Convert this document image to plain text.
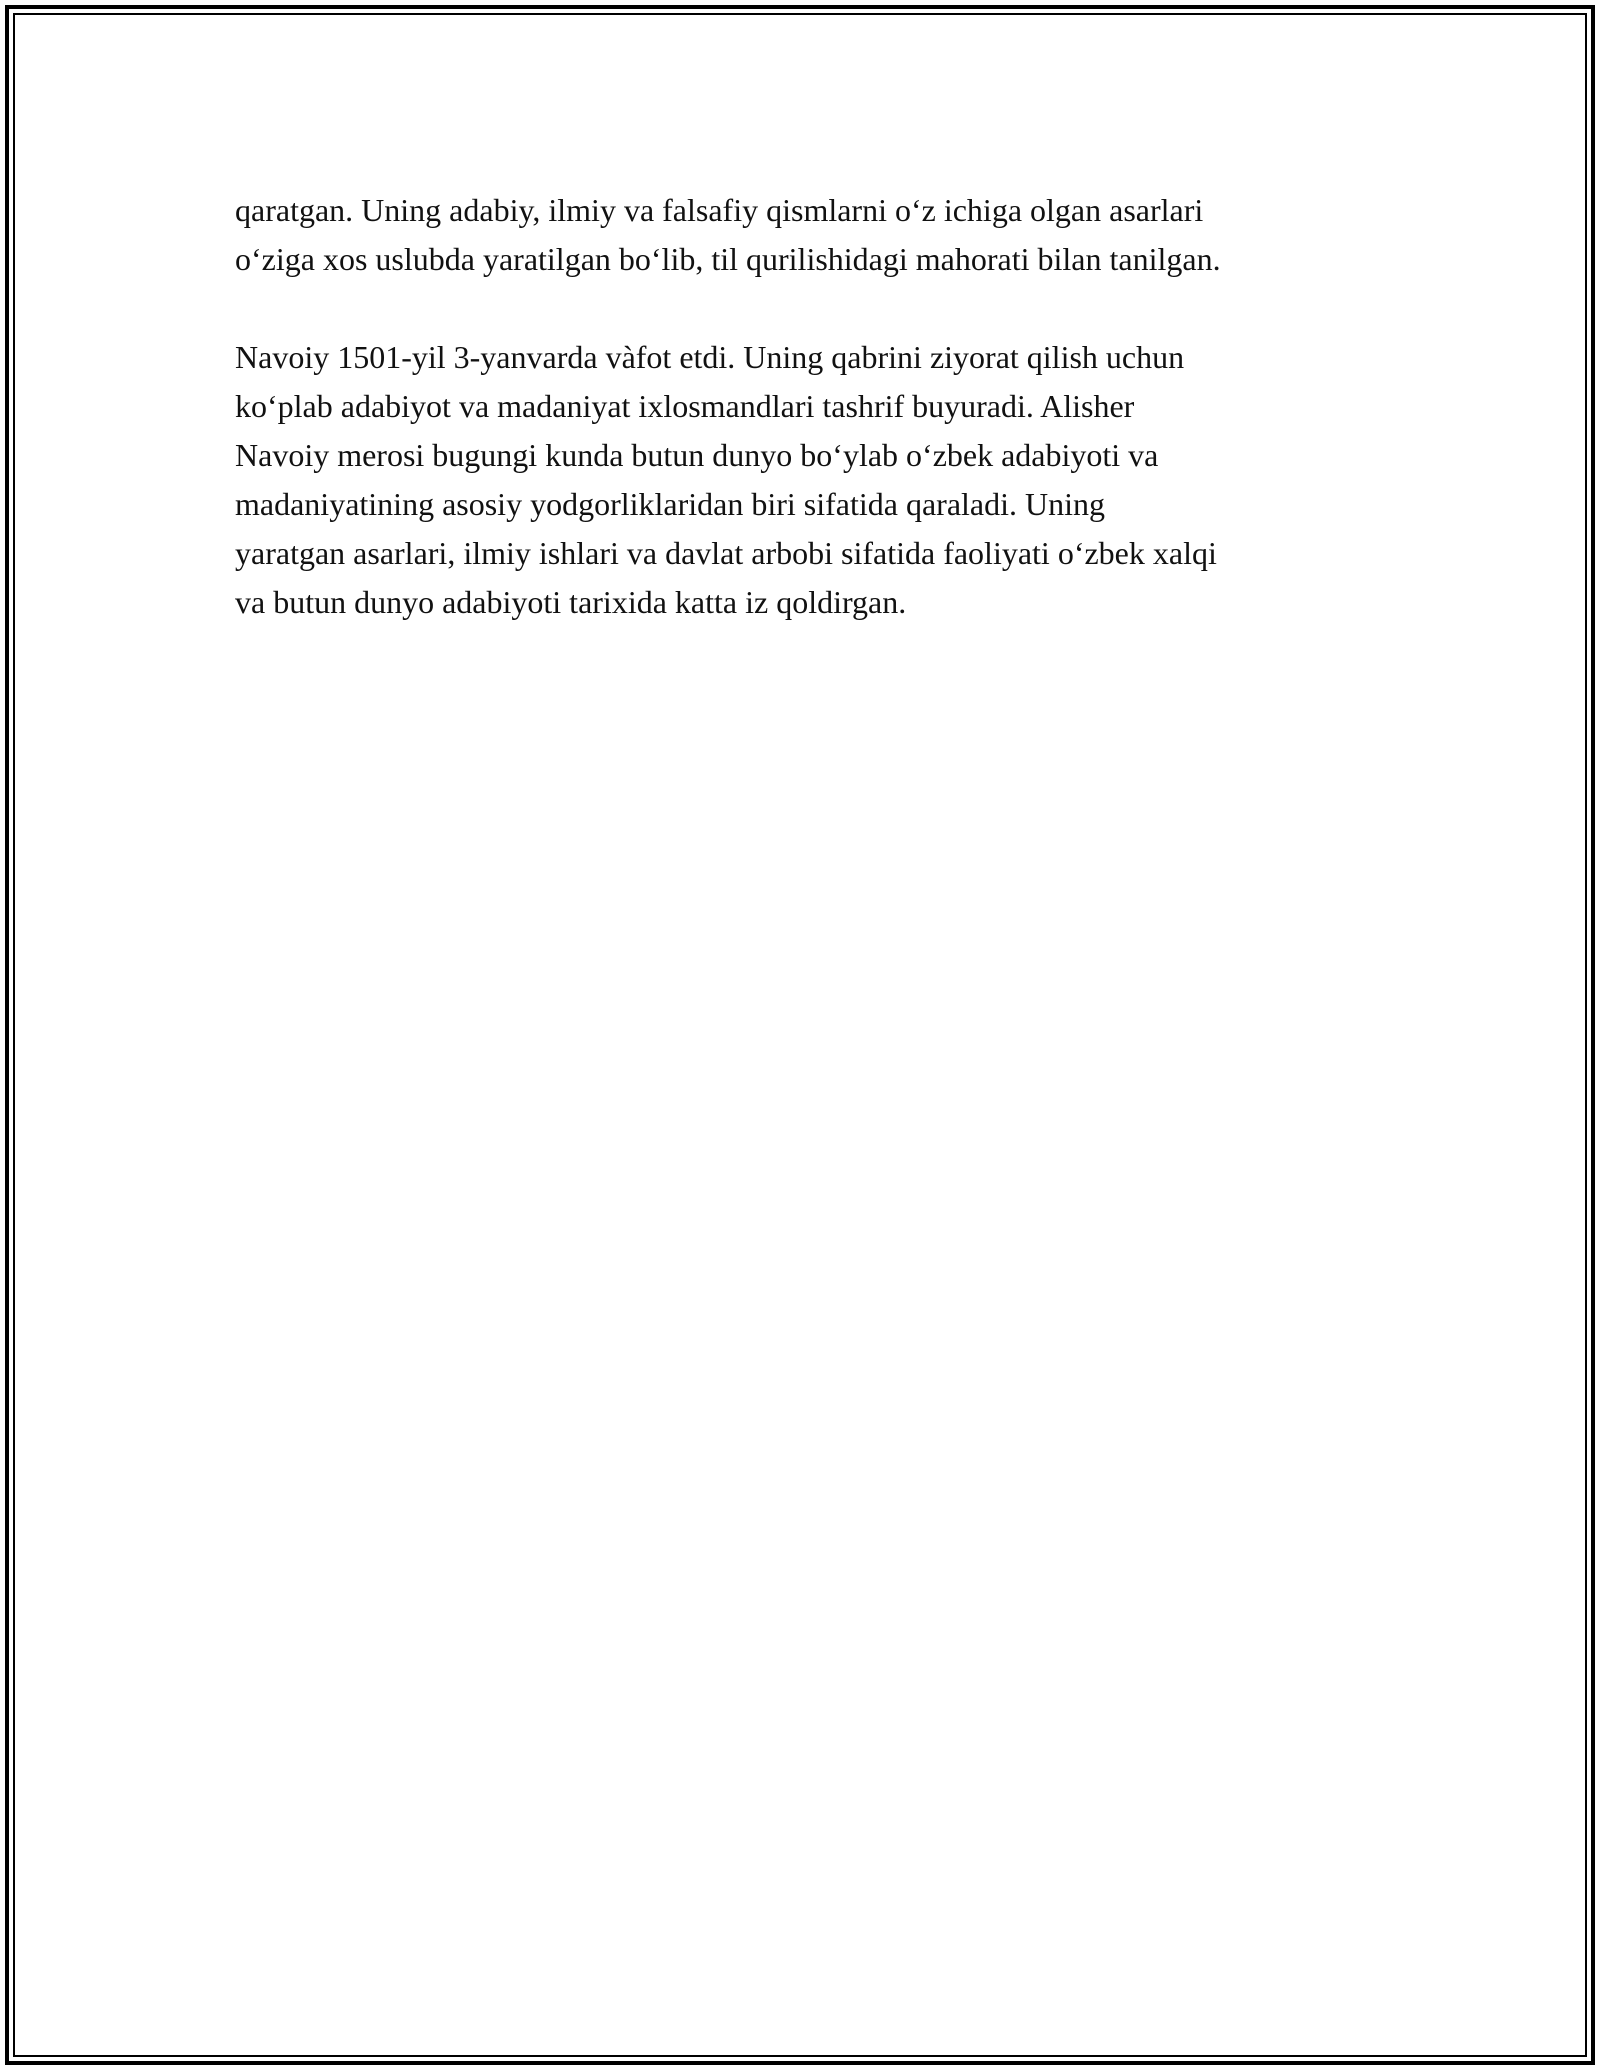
qaratgan. Uning adabiy, ilmiy va falsafiy qismlarni o‘z ichiga olgan asarlari
o‘ziga xos uslubda yaratilgan bo‘lib, til qurilishidagi mahorati bilan tanilgan.

Navoiy 1501-yil 3-yanvarda vàfot etdi. Uning qabrini ziyorat qilish uchun
ko‘plab adabiyot va madaniyat ixlosmandlari tashrif buyuradi. Alisher
Navoiy merosi bugungi kunda butun dunyo bo‘ylab o‘zbek adabiyoti va
madaniyatining asosiy yodgorliklaridan biri sifatida qaraladi. Uning
yaratgan asarlari, ilmiy ishlari va davlat arbobi sifatida faoliyati o‘zbek xalqi
va butun dunyo adabiyoti tarixida katta iz qoldirgan.
